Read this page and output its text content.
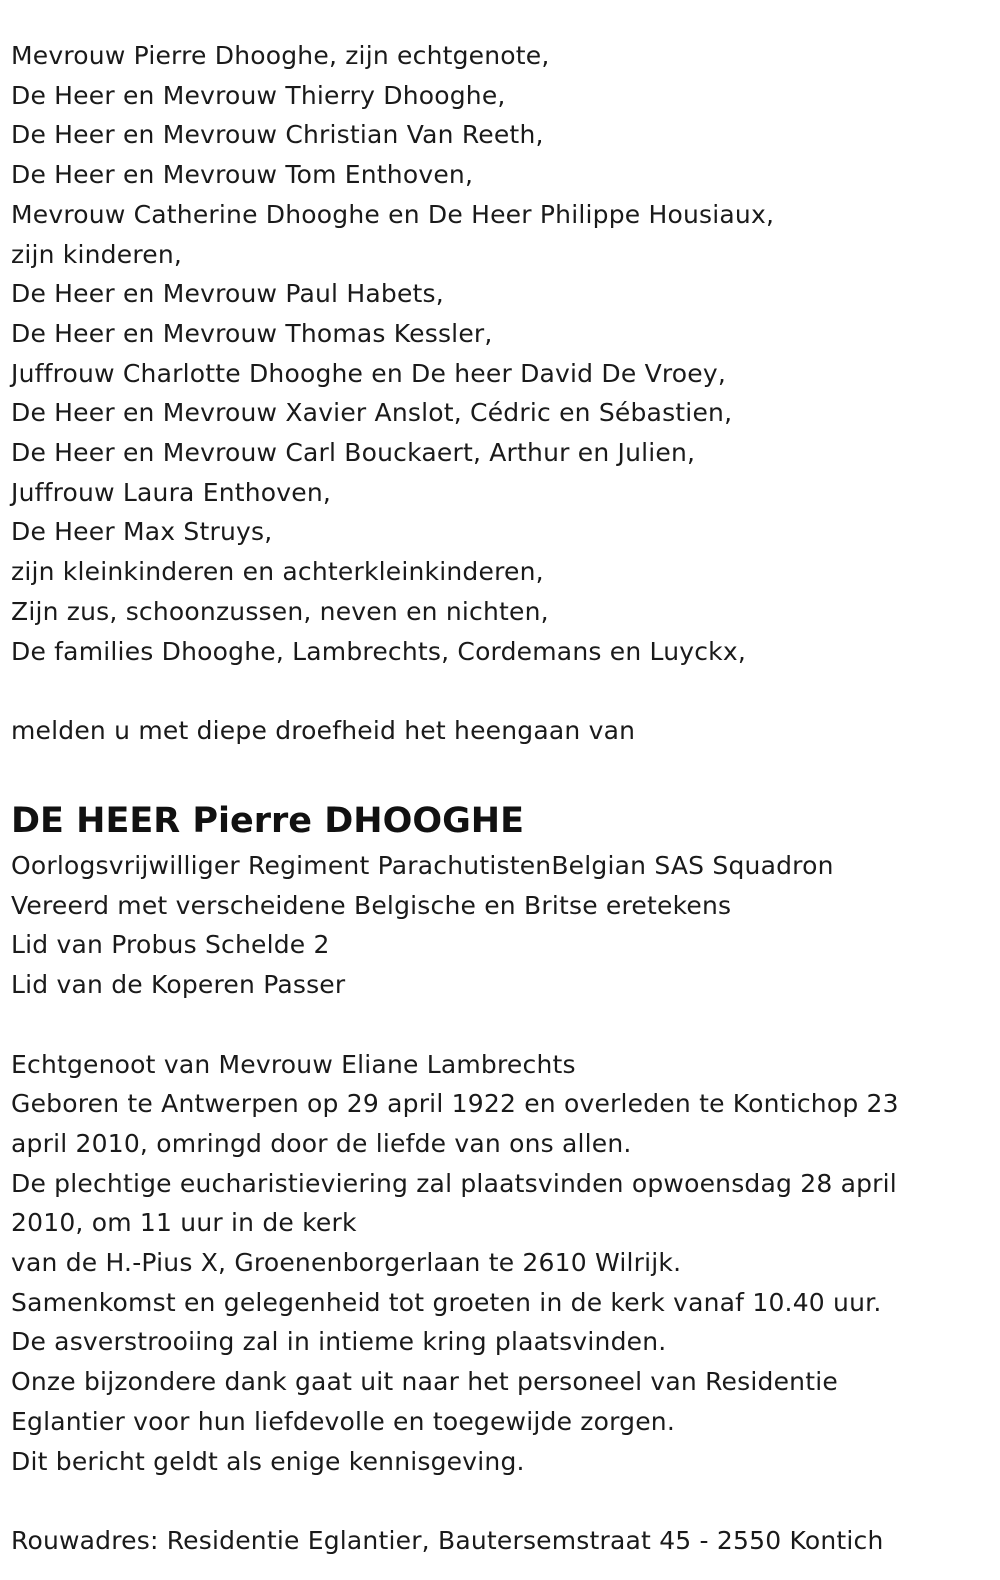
Mevrouw Pierre Dhooghe, zijn echtgenote,
De Heer en Mevrouw Thierry Dhooghe,
De Heer en Mevrouw Christian Van Reeth,
De Heer en Mevrouw Tom Enthoven,
Mevrouw Catherine Dhooghe en De Heer Philippe Housiaux,
zijn kinderen,
De Heer en Mevrouw Paul Habets,
De Heer en Mevrouw Thomas Kessler,
Juffrouw Charlotte Dhooghe en De heer David De Vroey,
De Heer en Mevrouw Xavier Anslot, Cédric en Sébastien,
De Heer en Mevrouw Carl Bouckaert, Arthur en Julien,
Juffrouw Laura Enthoven,
De Heer Max Struys,
zijn kleinkinderen en achterkleinkinderen,
Zijn zus, schoonzussen, neven en nichten,
De families Dhooghe, Lambrechts, Cordemans en Luyckx,
melden u met diepe droefheid het heengaan van
DE HEER Pierre DHOOGHE
Oorlogsvrijwilliger Regiment ParachutistenBelgian SAS Squadron
Vereerd met verscheidene Belgische en Britse eretekens
Lid van Probus Schelde 2
Lid van de Koperen Passer
Echtgenoot van Mevrouw Eliane Lambrechts
Geboren te Antwerpen op 29 april 1922 en overleden te Kontichop 23 april 2010, omringd door de liefde van ons allen.
De plechtige eucharistieviering zal plaatsvinden opwoensdag 28 april 2010, om 11 uur in de kerk
van de H.-Pius X, Groenenborgerlaan te 2610 Wilrijk.
Samenkomst en gelegenheid tot groeten in de kerk vanaf 10.40 uur.
De asverstrooiing zal in intieme kring plaatsvinden.
Onze bijzondere dank gaat uit naar het personeel van Residentie Eglantier voor hun liefdevolle en toegewijde zorgen.
Dit bericht geldt als enige kennisgeving.
Rouwadres: Residentie Eglantier, Bautersemstraat 45 - 2550 Kontich
